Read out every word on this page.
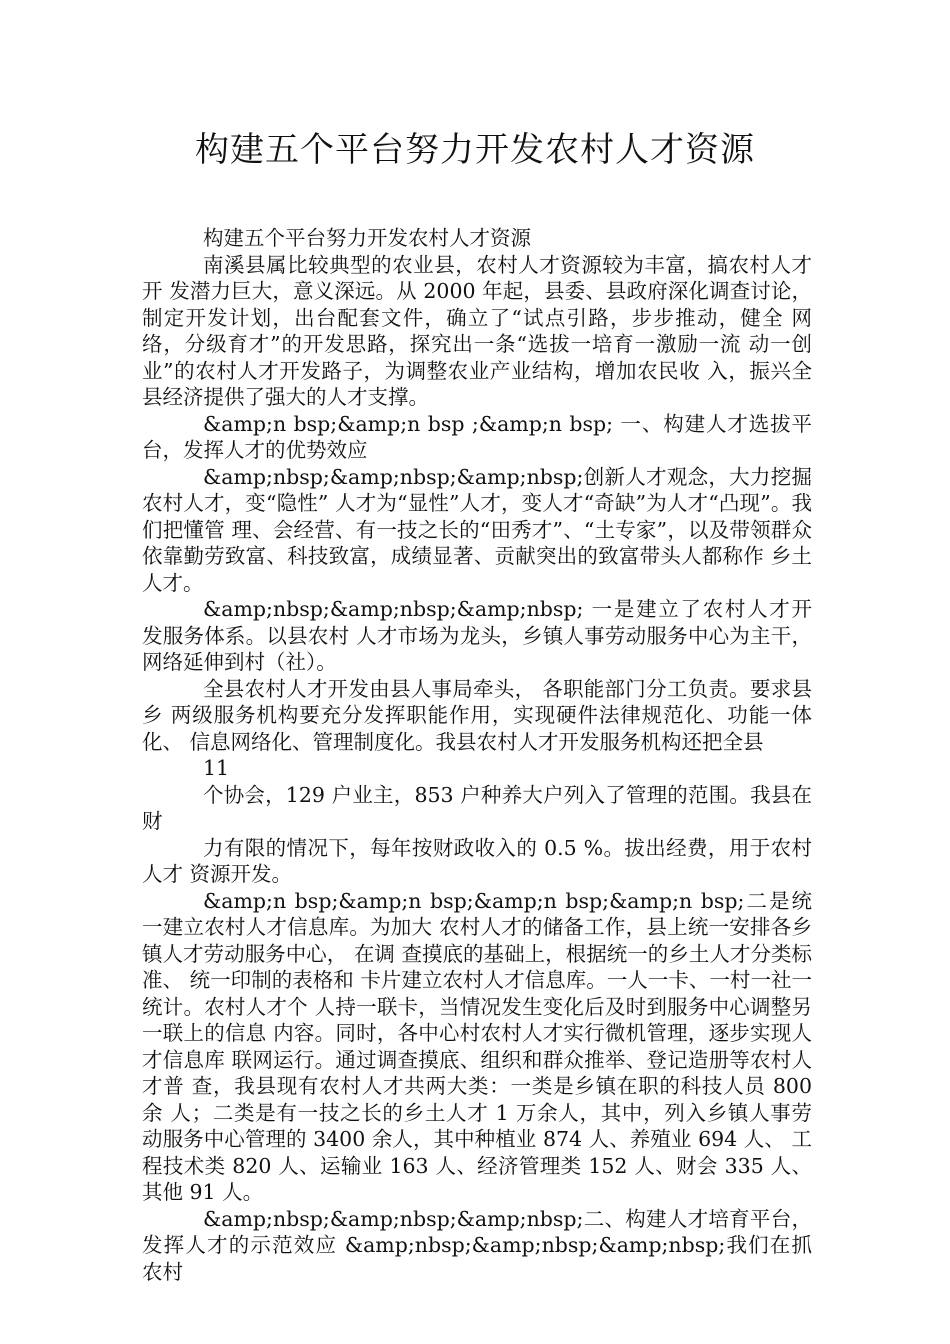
构建五个平台努力开发农村人才资源

构建五个平台努力开发农村人才资源

南溪县属比较典型的农业县，农村人才资源较为丰富，搞农村人才开 发潜力巨大，意义深远。从 2000 年起，县委、县政府深化调查讨论， 制定开发计划，出台配套文件，确立了“试点引路，步步推动，健全 网络，分级育才”的开发思路，探究出一条“选拔一培育一激励一流 动一创业”的农村人才开发路子，为调整农业产业结构，增加农民收 入，振兴全县经济提供了强大的人才支撑。

&amp;n bsp;&amp;n bsp ;&amp;n bsp; 一、构建人才选拔平台，发挥人才的优势效应

&amp;nbsp;&amp;nbsp;&amp;nbsp;创新人才观念，大力挖掘农村人才，变“隐性” 人才为“显性”人才，变人才“奇缺”为人才“凸现”。我们把懂管 理、会经营、有一技之长的“田秀才”、“土专家”，以及带领群众 依靠勤劳致富、科技致富，成绩显著、贡献突出的致富带头人都称作 乡土人才。

&amp;nbsp;&amp;nbsp;&amp;nbsp; 一是建立了农村人才开发服务体系。以县农村 人才市场为龙头，乡镇人事劳动服务中心为主干，网络延伸到村（社）。

全县农村人才开发由县人事局牵头， 各职能部门分工负责。要求县乡 两级服务机构要充分发挥职能作用，实现硬件法律规范化、功能一体化、 信息网络化、管理制度化。我县农村人才开发服务机构还把全县

11

个协会，129 户业主，853 户种养大户列入了管理的范围。我县在财

力有限的情况下，每年按财政收入的 0.5 %。拔出经费，用于农村人才 资源开发。

&amp;n bsp;&amp;n bsp;&amp;n bsp;&amp;n bsp;二是统一建立农村人才信息库。为加大 农村人才的储备工作，县上统一安排各乡镇人才劳动服务中心， 在调 查摸底的基础上，根据统一的乡土人才分类标准、 统一印制的表格和 卡片建立农村人才信息库。一人一卡、一村一社一统计。农村人才个 人持一联卡，当情况发生变化后及时到服务中心调整另一联上的信息 内容。同时，各中心村农村人才实行微机管理，逐步实现人才信息库 联网运行。通过调查摸底、组织和群众推举、登记造册等农村人才普 查，我县现有农村人才共两大类：一类是乡镇在职的科技人员 800 余 人；二类是有一技之长的乡土人才 1 万余人，其中，列入乡镇人事劳 动服务中心管理的 3400 余人，其中种植业 874 人、养殖业 694 人、 工程技术类 820 人、运输业 163 人、经济管理类 152 人、财会 335 人、 其他 91 人。

&amp;nbsp;&amp;nbsp;&amp;nbsp;二、构建人才培育平台，发挥人才的示范效应 &amp;nbsp;&amp;nbsp;&amp;nbsp;我们在抓农村
